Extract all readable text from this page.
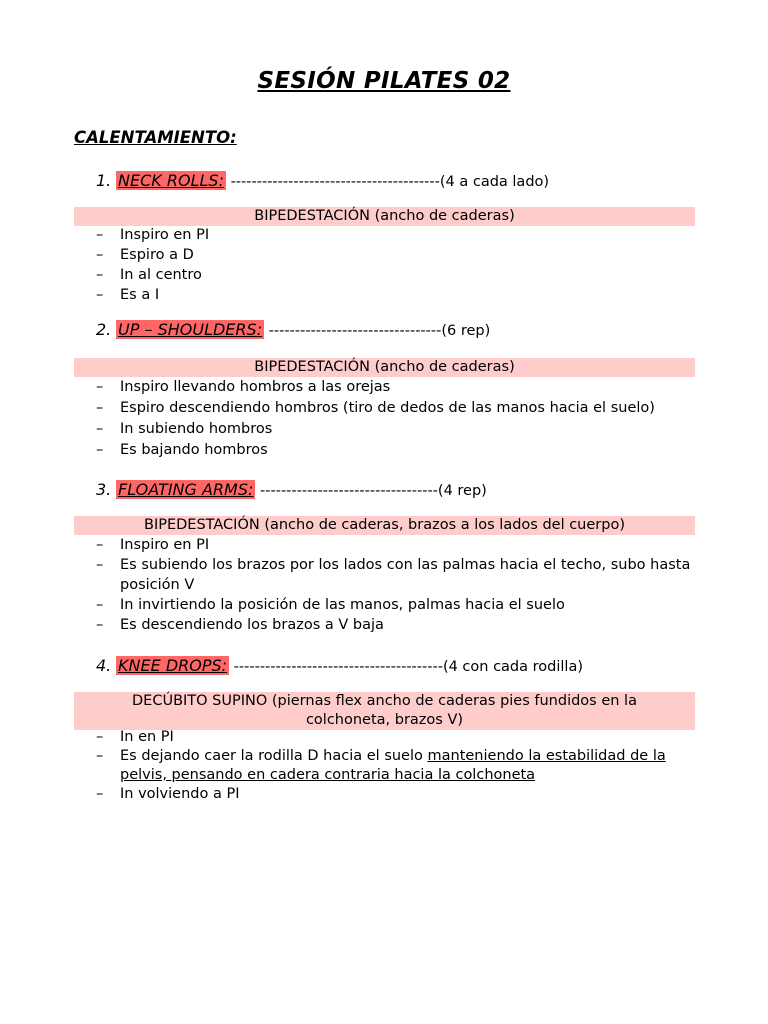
SESIÓN PILATES 02
CALENTAMIENTO:
1. NECK ROLLS: ----------------------------------------(4 a cada lado)
BIPEDESTACIÓN (ancho de caderas)
– Inspiro en PI
– Espiro a D
– In al centro
– Es a I
2. UP – SHOULDERS: ---------------------------------(6 rep)
BIPEDESTACIÓN (ancho de caderas)
– Inspiro llevando hombros a las orejas
– Espiro descendiendo hombros (tiro de dedos de las manos hacia el suelo)
– In subiendo hombros
– Es bajando hombros
3. FLOATING ARMS: ----------------------------------(4 rep)
BIPEDESTACIÓN (ancho de caderas, brazos a los lados del cuerpo)
– Inspiro en PI
– Es subiendo los brazos por los lados con las palmas hacia el techo, subo hasta posición V
– In invirtiendo la posición de las manos, palmas hacia el suelo
– Es descendiendo los brazos a V baja
4. KNEE DROPS: ----------------------------------------(4 con cada rodilla)
DECÚBITO SUPINO (piernas flex ancho de caderas pies fundidos en la colchoneta, brazos V)
– In en PI
– Es dejando caer la rodilla D hacia el suelo manteniendo la estabilidad de la pelvis, pensando en cadera contraria hacia la colchoneta
– In volviendo a PI
